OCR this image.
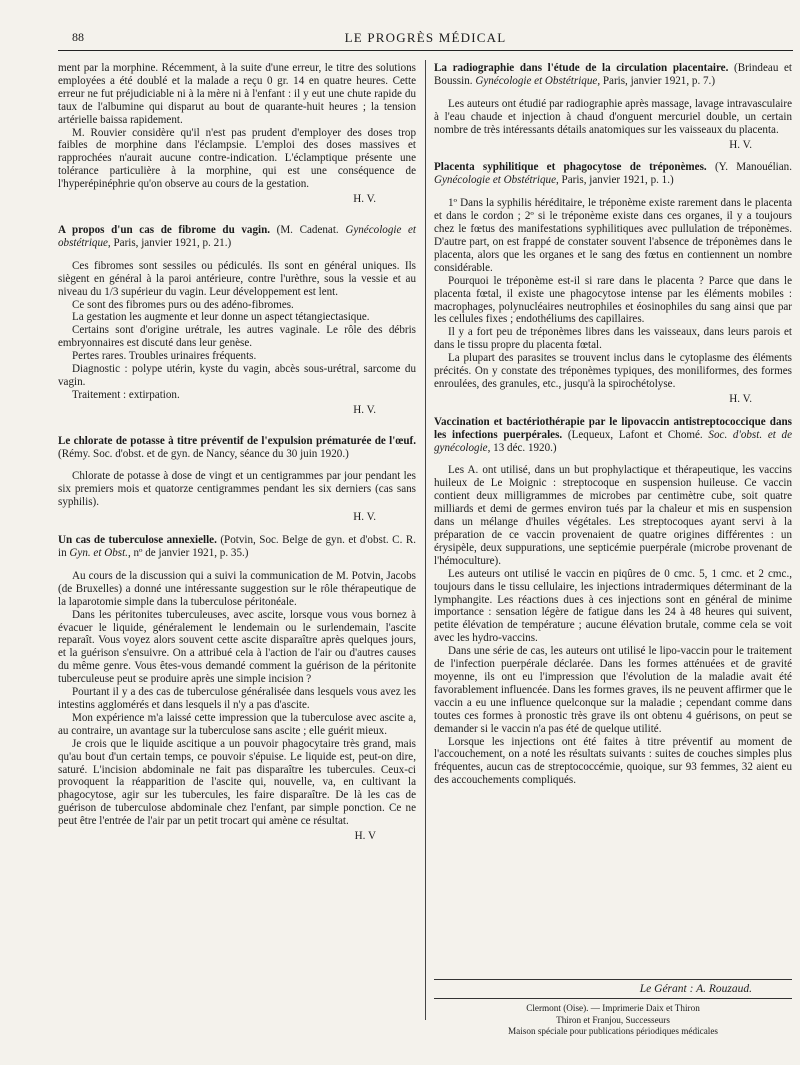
88	LE PROGRÈS MÉDICAL

ment par la morphine. Récemment, à la suite d'une erreur, le titre des solutions employées a été doublé et la malade a reçu 0 gr. 14 en quatre heures. Cette erreur ne fut préjudiciable ni à la mère ni à l'enfant : il y eut une chute rapide du taux de l'albumine qui disparut au bout de quarante-huit heures ; la tension artérielle baissa rapidement.

M. Rouvier considère qu'il n'est pas prudent d'employer des doses trop faibles de morphine dans l'éclampsie. L'emploi des doses massives et rapprochées n'aurait aucune contre-indication. L'éclamptique présente une tolérance particulière à la morphine, qui est une conséquence de l'hyperépinéphrie qu'on observe au cours de la gestation.

H. V.

A propos d'un cas de fibrome du vagin. (M. Cadenat. Gynécologie et obstétrique, Paris, janvier 1921, p. 21.)

Ces fibromes sont sessiles ou pédiculés. Ils sont en général uniques. Ils siègent en général à la paroi antérieure, contre l'urèthre, sous la vessie et au niveau du 1/3 supérieur du vagin. Leur développement est lent.

Ce sont des fibromes purs ou des adéno-fibromes.

La gestation les augmente et leur donne un aspect tétangiectasique.

Certains sont d'origine urétrale, les autres vaginale. Le rôle des débris embryonnaires est discuté dans leur genèse.

Pertes rares. Troubles urinaires fréquents.

Diagnostic : polype utérin, kyste du vagin, abcès sous-urétral, sarcome du vagin.

Traitement : extirpation.

H. V.

Le chlorate de potasse à titre préventif de l'expulsion prématurée de l'œuf. (Rémy. Soc. d'obst. et de gyn. de Nancy, séance du 30 juin 1920.)

Chlorate de potasse à dose de vingt et un centigrammes par jour pendant les six premiers mois et quatorze centigrammes pendant les six derniers (cas sans syphilis).

H. V.

Un cas de tuberculose annexielle. (Potvin, Soc. Belge de gyn. et d'obst. C. R. in Gyn. et Obst., nº de janvier 1921, p. 35.)

Au cours de la discussion qui a suivi la communication de M. Potvin, Jacobs (de Bruxelles) a donné une intéressante suggestion sur le rôle thérapeutique de la laparotomie simple dans la tuberculose péritonéale.

Dans les péritonites tuberculeuses, avec ascite, lorsque vous vous bornez à évacuer le liquide, généralement le lendemain ou le surlendemain, l'ascite reparaît. Vous voyez alors souvent cette ascite disparaître après quelques jours, et la guérison s'ensuivre. On a attribué cela à l'action de l'air ou d'autres causes du même genre. Vous êtes-vous demandé comment la guérison de la péritonite tuberculeuse peut se produire après une simple incision ?

Pourtant il y a des cas de tuberculose généralisée dans lesquels vous avez les intestins agglomérés et dans lesquels il n'y a pas d'ascite.

Mon expérience m'a laissé cette impression que la tuberculose avec ascite a, au contraire, un avantage sur la tuberculose sans ascite ; elle guérit mieux.

Je crois que le liquide ascitique a un pouvoir phagocytaire très grand, mais qu'au bout d'un certain temps, ce pouvoir s'épuise. Le liquide est, peut-on dire, saturé. L'incision abdominale ne fait pas disparaître les tubercules. Ceux-ci provoquent la réapparition de l'ascite qui, nouvelle, va, en cultivant la phagocytose, agir sur les tubercules, les faire disparaître. De là les cas de guérison de tuberculose abdominale chez l'enfant, par simple ponction. Ce ne peut être l'entrée de l'air par un petit trocart qui amène ce résultat.

H. V

La radiographie dans l'étude de la circulation placentaire. (Brindeau et Boussin. Gynécologie et Obstétrique, Paris, janvier 1921, p. 7.)

Les auteurs ont étudié par radiographie après massage, lavage intravasculaire à l'eau chaude et injection à chaud d'onguent mercuriel double, un certain nombre de très intéressants détails anatomiques sur les vaisseaux du placenta.

H. V.

Placenta syphilitique et phagocytose de tréponèmes. (Y. Manouélian. Gynécologie et Obstétrique, Paris, janvier 1921, p. 1.)

1º Dans la syphilis héréditaire, le tréponème existe rarement dans le placenta et dans le cordon ; 2º si le tréponème existe dans ces organes, il y a toujours chez le fœtus des manifestations syphilitiques avec pullulation de tréponèmes. D'autre part, on est frappé de constater souvent l'absence de tréponèmes dans le placenta, alors que les organes et le sang des fœtus en contiennent un nombre considérable.

Pourquoi le tréponème est-il si rare dans le placenta ? Parce que dans le placenta fœtal, il existe une phagocytose intense par les éléments mobiles : macrophages, polynucléaires neutrophiles et éosinophiles du sang ainsi que par les cellules fixes ; endothéliums des capillaires.

Il y a fort peu de tréponèmes libres dans les vaisseaux, dans leurs parois et dans le tissu propre du placenta fœtal.

La plupart des parasites se trouvent inclus dans le cytoplasme des éléments précités. On y constate des tréponèmes typiques, des moniliformes, des formes enroulées, des granules, etc., jusqu'à la spirochétolyse.

H. V.

Vaccination et bactériothérapie par le lipovaccin antistreptococcique dans les infections puerpérales. (Lequeux, Lafont et Chomé. Soc. d'obst. et de gynécologie, 13 déc. 1920.)

Les A. ont utilisé, dans un but prophylactique et thérapeutique, les vaccins huileux de Le Moignic : streptocoque en suspension huileuse. Ce vaccin contient deux milligrammes de microbes par centimètre cube, soit quatre milliards et demi de germes environ tués par la chaleur et mis en suspension dans un mélange d'huiles végétales. Les streptocoques ayant servi à la préparation de ce vaccin provenaient de quatre origines différentes : un érysipèle, deux suppurations, une septicémie puerpérale (microbe provenant de l'hémoculture).

Les auteurs ont utilisé le vaccin en piqûres de 0 cmc. 5, 1 cmc. et 2 cmc., toujours dans le tissu cellulaire, les injections intradermiques déterminant de la lymphangite. Les réactions dues à ces injections sont en général de minime importance : sensation légère de fatigue dans les 24 à 48 heures qui suivent, petite élévation de température ; aucune élévation brutale, comme cela se voit avec les hydro-vaccins.

Dans une série de cas, les auteurs ont utilisé le lipo-vaccin pour le traitement de l'infection puerpérale déclarée. Dans les formes atténuées et de gravité moyenne, ils ont eu l'impression que l'évolution de la maladie avait été favorablement influencée. Dans les formes graves, ils ne peuvent affirmer que le vaccin a eu une influence quelconque sur la maladie ; cependant comme dans toutes ces formes à pronostic très grave ils ont obtenu 4 guérisons, on peut se demander si le vaccin n'a pas été de quelque utilité.

Lorsque les injections ont été faites à titre préventif au moment de l'accouchement, on a noté les résultats suivants : suites de couches simples plus fréquentes, aucun cas de streptococcémie, quoique, sur 93 femmes, 32 aient eu des accouchements compliqués.

Le Gérant : A. Rouzaud.
Clermont (Oise). — Imprimerie Daix et Thiron
Thiron et Franjou, Successeurs
Maison spéciale pour publications périodiques médicales
